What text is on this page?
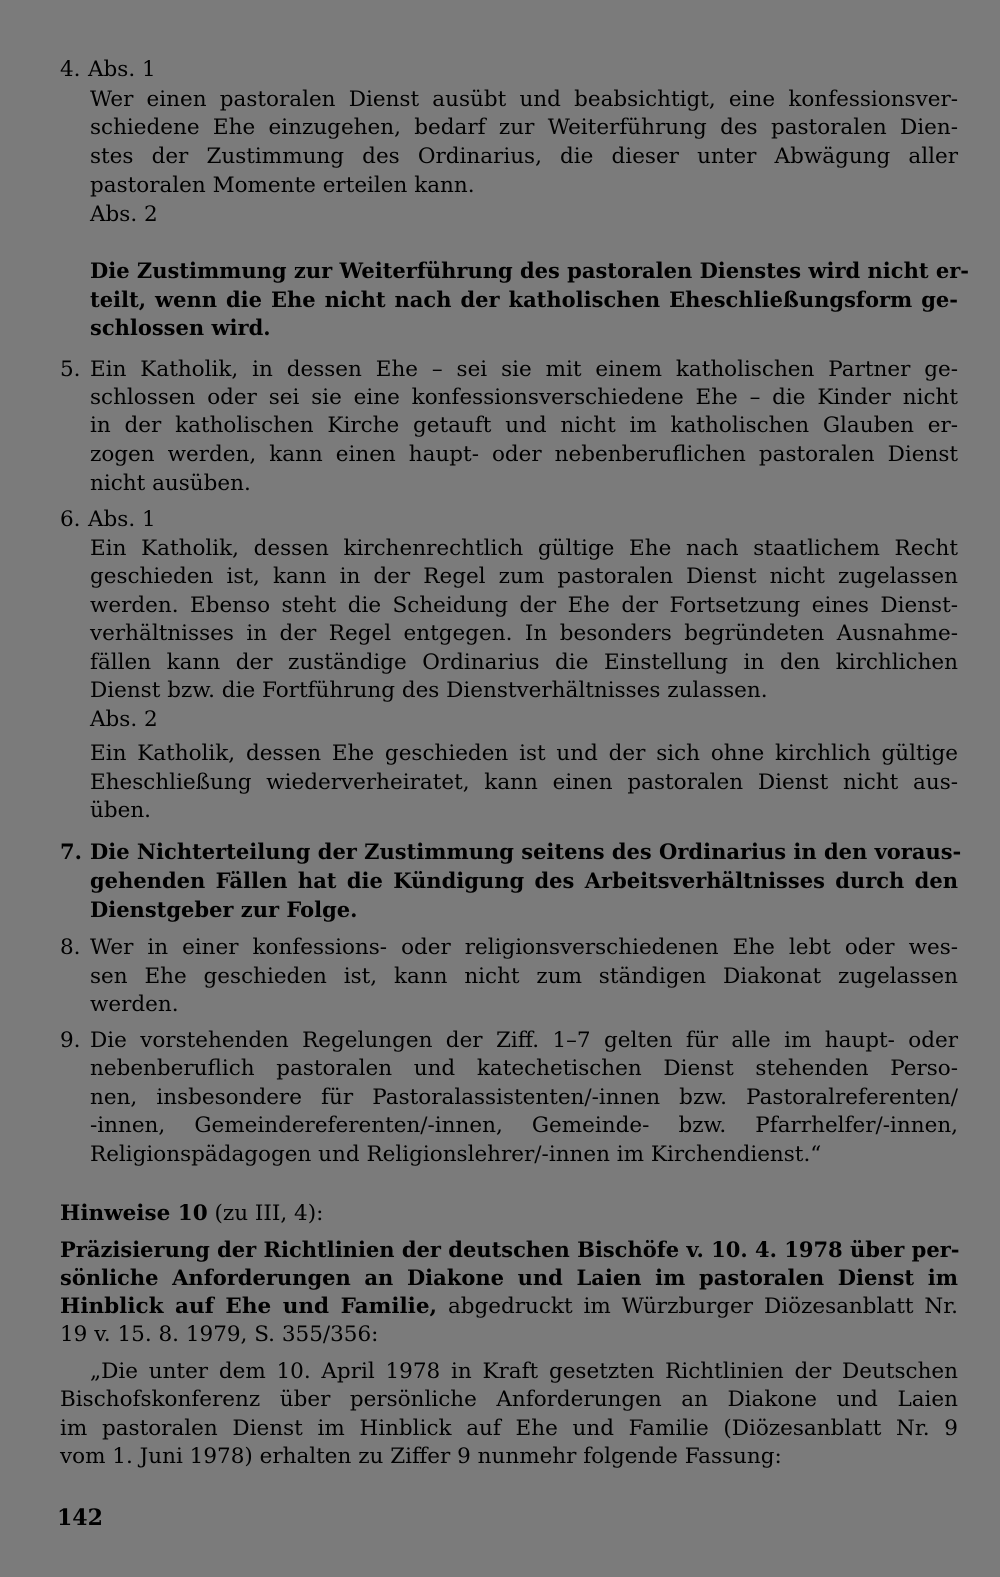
4. Abs. 1
Wer einen pastoralen Dienst ausübt und beabsichtigt, eine konfessionsver-
schiedene Ehe einzugehen, bedarf zur Weiterführung des pastoralen Dien-
stes der Zustimmung des Ordinarius, die dieser unter Abwägung aller
pastoralen Momente erteilen kann.
Abs. 2
Die Zustimmung zur Weiterführung des pastoralen Dienstes wird nicht er-
teilt, wenn die Ehe nicht nach der katholischen Eheschließungsform ge-
schlossen wird.
5. Ein Katholik, in dessen Ehe – sei sie mit einem katholischen Partner ge-
schlossen oder sei sie eine konfessionsverschiedene Ehe – die Kinder nicht
in der katholischen Kirche getauft und nicht im katholischen Glauben er-
zogen werden, kann einen haupt- oder nebenberuflichen pastoralen Dienst
nicht ausüben.
6. Abs. 1
Ein Katholik, dessen kirchenrechtlich gültige Ehe nach staatlichem Recht
geschieden ist, kann in der Regel zum pastoralen Dienst nicht zugelassen
werden. Ebenso steht die Scheidung der Ehe der Fortsetzung eines Dienst-
verhältnisses in der Regel entgegen. In besonders begründeten Ausnahme-
fällen kann der zuständige Ordinarius die Einstellung in den kirchlichen
Dienst bzw. die Fortführung des Dienstverhältnisses zulassen.
Abs. 2
Ein Katholik, dessen Ehe geschieden ist und der sich ohne kirchlich gültige
Eheschließung wiederverheiratet, kann einen pastoralen Dienst nicht aus-
üben.
7. Die Nichterteilung der Zustimmung seitens des Ordinarius in den voraus-
gehenden Fällen hat die Kündigung des Arbeitsverhältnisses durch den
Dienstgeber zur Folge.
8. Wer in einer konfessions- oder religionsverschiedenen Ehe lebt oder wes-
sen Ehe geschieden ist, kann nicht zum ständigen Diakonat zugelassen
werden.
9. Die vorstehenden Regelungen der Ziff. 1–7 gelten für alle im haupt- oder
nebenberuflich pastoralen und katechetischen Dienst stehenden Perso-
nen, insbesondere für Pastoralassistenten/-innen bzw. Pastoralreferenten/
-innen, Gemeindereferenten/-innen, Gemeinde- bzw. Pfarrhelfer/-innen,
Religionspädagogen und Religionslehrer/-innen im Kirchendienst.“
Hinweise 10 (zu III, 4):
Präzisierung der Richtlinien der deutschen Bischöfe v. 10. 4. 1978 über per-
sönliche Anforderungen an Diakone und Laien im pastoralen Dienst im
Hinblick auf Ehe und Familie, abgedruckt im Würzburger Diözesanblatt Nr.
19 v. 15. 8. 1979, S. 355/356:
„Die unter dem 10. April 1978 in Kraft gesetzten Richtlinien der Deutschen
Bischofskonferenz über persönliche Anforderungen an Diakone und Laien
im pastoralen Dienst im Hinblick auf Ehe und Familie (Diözesanblatt Nr. 9
vom 1. Juni 1978) erhalten zu Ziffer 9 nunmehr folgende Fassung:
142
